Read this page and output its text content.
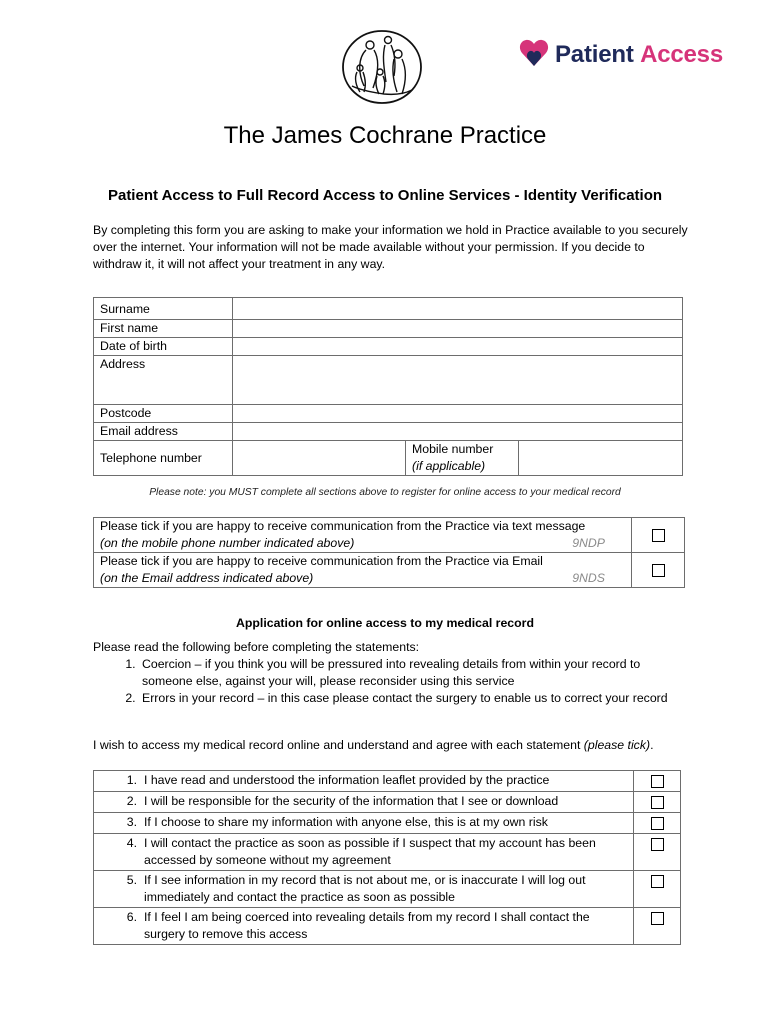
Patient Access
The James Cochrane Practice
Patient Access to Full Record Access to Online Services - Identity Verification
By completing this form you are asking to make your information we hold in Practice available to you securely over the internet. Your information will not be made available without your permission. If you decide to withdraw it, it will not affect your treatment in any way.
Surname			
First name			
Date of birth			
Address			
Postcode			
Email address			
Telephone number		Mobile number
(if applicable)	

Please note: you MUST complete all sections above to register for online access to your medical record
Please tick if you are happy to receive communication from the Practice via text message
(on the mobile phone number indicated above) 9NDP	

Please tick if you are happy to receive communication from the Practice via Email
(on the Email address indicated above) 9NDS	

Application for online access to my medical record
Please read the following before completing the statements:
1. Coercion – if you think you will be pressured into revealing details from within your record to someone else, against your will, please reconsider using this service
2. Errors in your record – in this case please contact the surgery to enable us to correct your record
I wish to access my medical record online and understand and agree with each statement (please tick).
1.	I have read and understood the information leaflet provided by the practice	
2.	I will be responsible for the security of the information that I see or download	
3.	If I choose to share my information with anyone else, this is at my own risk	
4.	I will contact the practice as soon as possible if I suspect that my account has been accessed by someone without my agreement	
5.	If I see information in my record that is not about me, or is inaccurate I will log out immediately and contact the practice as soon as possible	
6.	If I feel I am being coerced into revealing details from my record I shall contact the surgery to remove this access	
